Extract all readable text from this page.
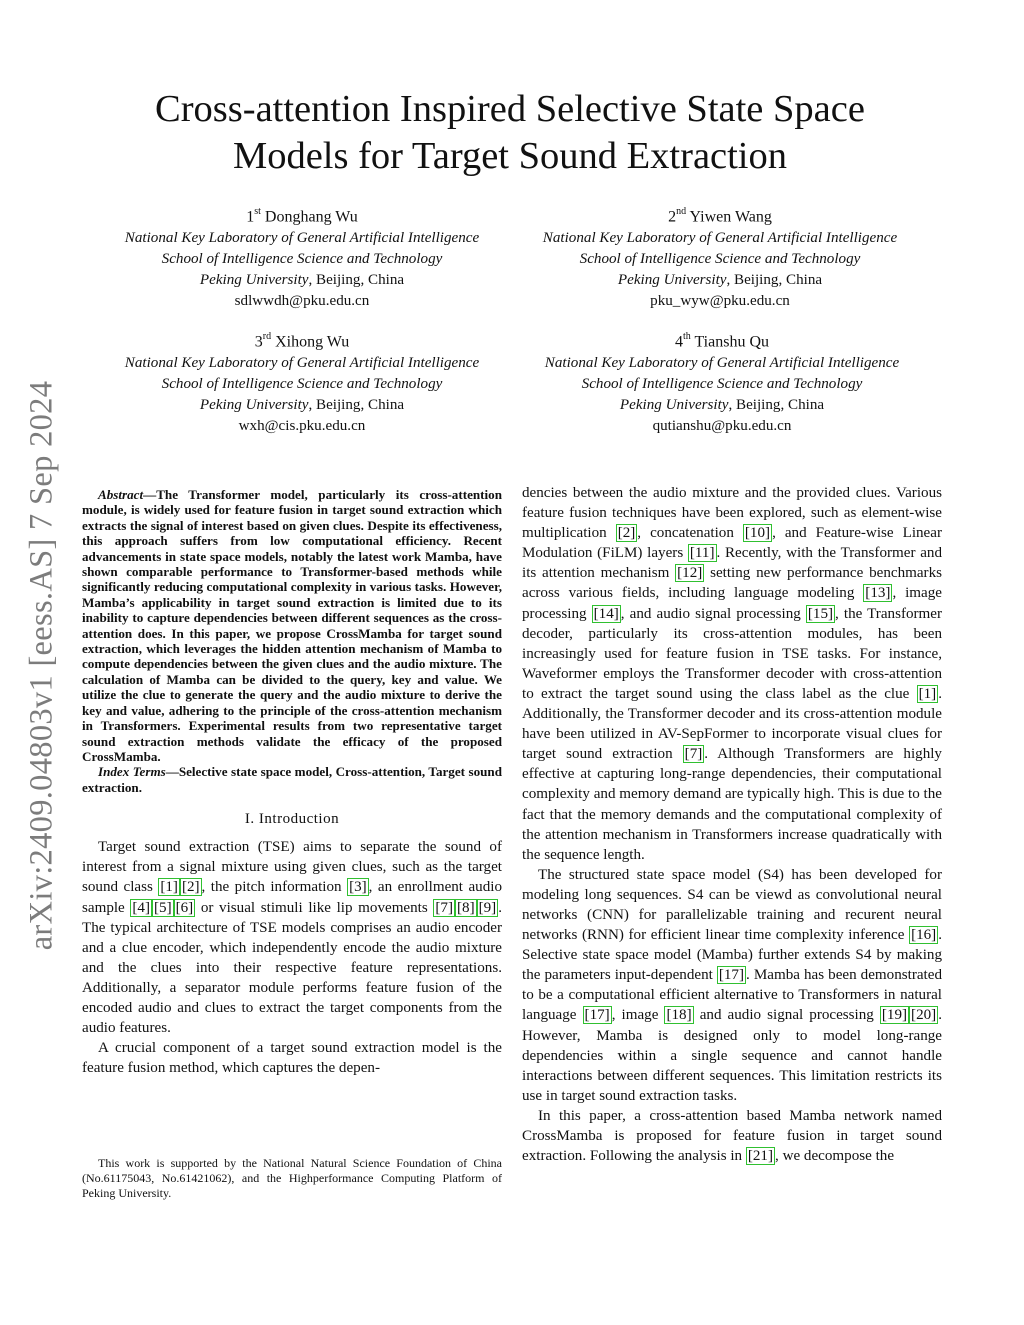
arXiv:2409.04803v1 [eess.AS] 7 Sep 2024
Cross-attention Inspired Selective State Space
Models for Target Sound Extraction
1st Donghang Wu
National Key Laboratory of General Artificial Intelligence
School of Intelligence Science and Technology
Peking University, Beijing, China
sdlwwdh@pku.edu.cn
2nd Yiwen Wang
National Key Laboratory of General Artificial Intelligence
School of Intelligence Science and Technology
Peking University, Beijing, China
pku_wyw@pku.edu.cn
3rd Xihong Wu
National Key Laboratory of General Artificial Intelligence
School of Intelligence Science and Technology
Peking University, Beijing, China
wxh@cis.pku.edu.cn
4th Tianshu Qu
National Key Laboratory of General Artificial Intelligence
School of Intelligence Science and Technology
Peking University, Beijing, China
qutianshu@pku.edu.cn

Abstract—The Transformer model, particularly its cross-attention module, is widely used for feature fusion in target sound extraction which extracts the signal of interest based on given clues. Despite its effectiveness, this approach suffers from low computational efficiency. Recent advancements in state space models, notably the latest work Mamba, have shown comparable performance to Transformer-based methods while significantly reducing computational complexity in various tasks. However, Mamba’s applicability in target sound extraction is limited due to its inability to capture dependencies between different sequences as the cross-attention does. In this paper, we propose CrossMamba for target sound extraction, which leverages the hidden attention mechanism of Mamba to compute dependencies between the given clues and the audio mixture. The calculation of Mamba can be divided to the query, key and value. We utilize the clue to generate the query and the audio mixture to derive the key and value, adhering to the principle of the cross-attention mechanism in Transformers. Experimental results from two representative target sound extraction methods validate the efficacy of the proposed CrossMamba.

Index Terms—Selective state space model, Cross-attention, Target sound extraction.

I. Introduction

Target sound extraction (TSE) aims to separate the sound of interest from a signal mixture using given clues, such as the target sound class [1] [2] , the pitch information [3] , an enrollment audio sample [4] [5] [6] or visual stimuli like lip movements [7] [8] [9] . The typical architecture of TSE models comprises an audio encoder and a clue encoder, which independently encode the audio mixture and the clues into their respective feature representations. Additionally, a separator module performs feature fusion of the encoded audio and clues to extract the target components from the audio features.

A crucial component of a target sound extraction model is the feature fusion method, which captures the depen-

This work is supported by the National Natural Science Foundation of China (No.61175043, No.61421062), and the Highperformance Computing Platform of Peking University.

dencies between the audio mixture and the provided clues. Various feature fusion techniques have been explored, such as element-wise multiplication [2] , concatenation [10] , and Feature-wise Linear Modulation (FiLM) layers [11] . Recently, with the Transformer and its attention mechanism [12] setting new performance benchmarks across various fields, including language modeling [13] , image processing [14] , and audio signal processing [15] , the Transformer decoder, particularly its cross-attention modules, has been increasingly used for feature fusion in TSE tasks. For instance, Waveformer employs the Transformer decoder with cross-attention to extract the target sound using the class label as the clue [1] . Additionally, the Transformer decoder and its cross-attention module have been utilized in AV-SepFormer to incorporate visual clues for target sound extraction [7] . Although Transformers are highly effective at capturing long-range dependencies, their computational complexity and memory demand are typically high. This is due to the fact that the memory demands and the computational complexity of the attention mechanism in Transformers increase quadratically with the sequence length.

The structured state space model (S4) has been developed for modeling long sequences. S4 can be viewd as convolutional neural networks (CNN) for parallelizable training and recurent neural networks (RNN) for efficient linear time complexity inference [16] . Selective state space model (Mamba) further extends S4 by making the parameters input-dependent [17] . Mamba has been demonstrated to be a computational efficient alternative to Transformers in natural language [17] , image [18] and audio signal processing [19] [20] . However, Mamba is designed only to model long-range dependencies within a single sequence and cannot handle interactions between different sequences. This limitation restricts its use in target sound extraction tasks.

In this paper, a cross-attention based Mamba network named CrossMamba is proposed for feature fusion in target sound extraction. Following the analysis in [21] , we decompose the
